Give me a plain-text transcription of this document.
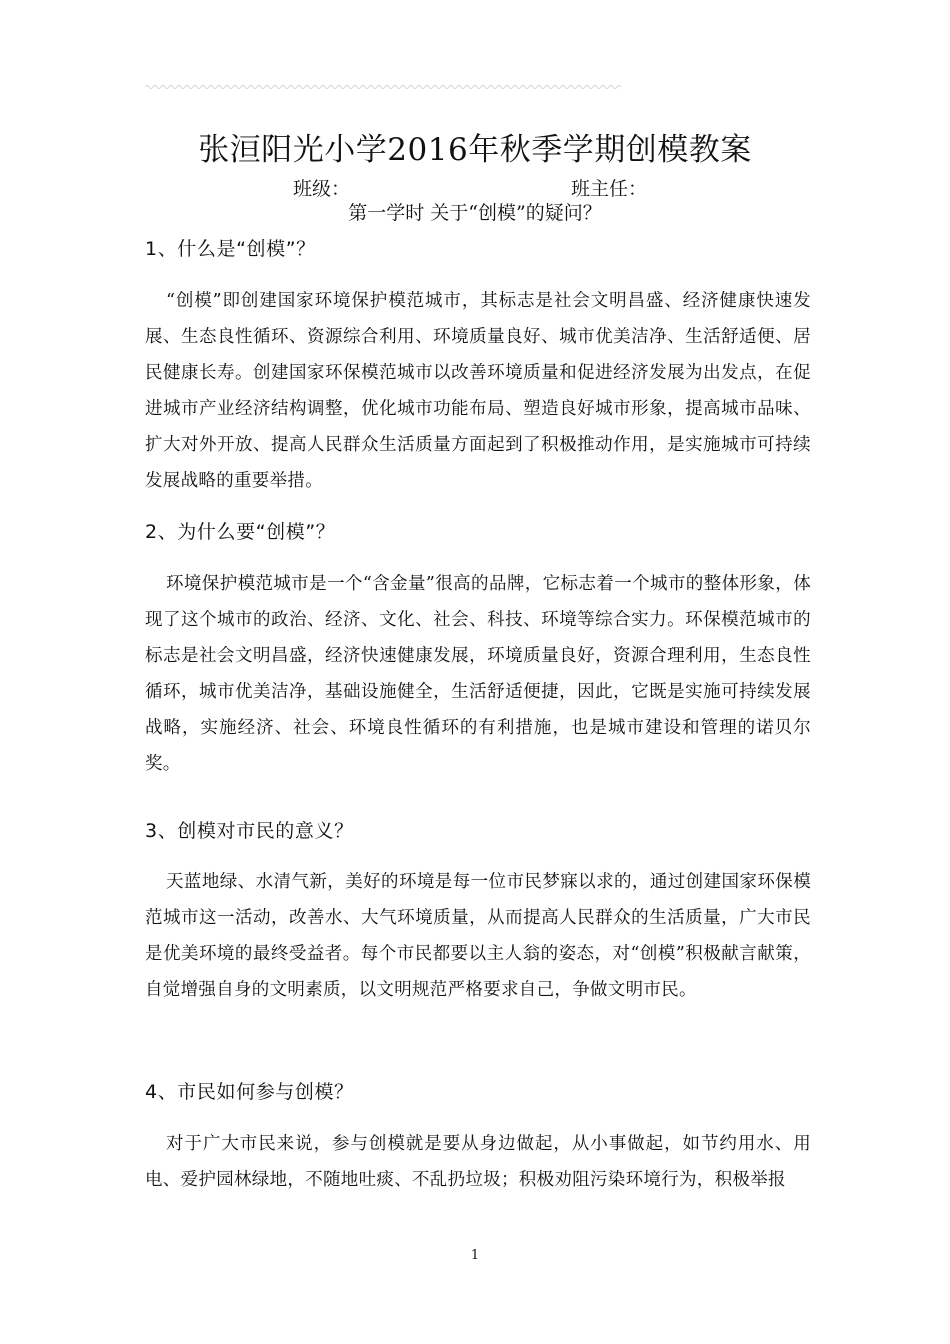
张洹阳光小学2016年秋季学期创模教案
班级：	班主任：
第一学时 关于“创模”的疑问？
1、什么是“创模”？
“创模”即创建国家环境保护模范城市，其标志是社会文明昌盛、经济健康快速发展、生态良性循环、资源综合利用、环境质量良好、城市优美洁净、生活舒适便、居民健康长寿。创建国家环保模范城市以改善环境质量和促进经济发展为出发点，在促进城市产业经济结构调整，优化城市功能布局、塑造良好城市形象，提高城市品味、扩大对外开放、提高人民群众生活质量方面起到了积极推动作用，是实施城市可持续发展战略的重要举措。
2、为什么要“创模”？
环境保护模范城市是一个“含金量”很高的品牌，它标志着一个城市的整体形象，体现了这个城市的政治、经济、文化、社会、科技、环境等综合实力。环保模范城市的标志是社会文明昌盛，经济快速健康发展，环境质量良好，资源合理利用，生态良性循环，城市优美洁净，基础设施健全，生活舒适便捷，因此，它既是实施可持续发展战略，实施经济、社会、环境良性循环的有利措施，也是城市建设和管理的诺贝尔奖。
3、创模对市民的意义？
天蓝地绿、水清气新，美好的环境是每一位市民梦寐以求的，通过创建国家环保模范城市这一活动，改善水、大气环境质量，从而提高人民群众的生活质量，广大市民是优美环境的最终受益者。每个市民都要以主人翁的姿态，对“创模”积极献言献策，自觉增强自身的文明素质，以文明规范严格要求自己，争做文明市民。
4、市民如何参与创模？
对于广大市民来说，参与创模就是要从身边做起，从小事做起，如节约用水、用电、爱护园林绿地，不随地吐痰、不乱扔垃圾；积极劝阻污染环境行为，积极举报
1
